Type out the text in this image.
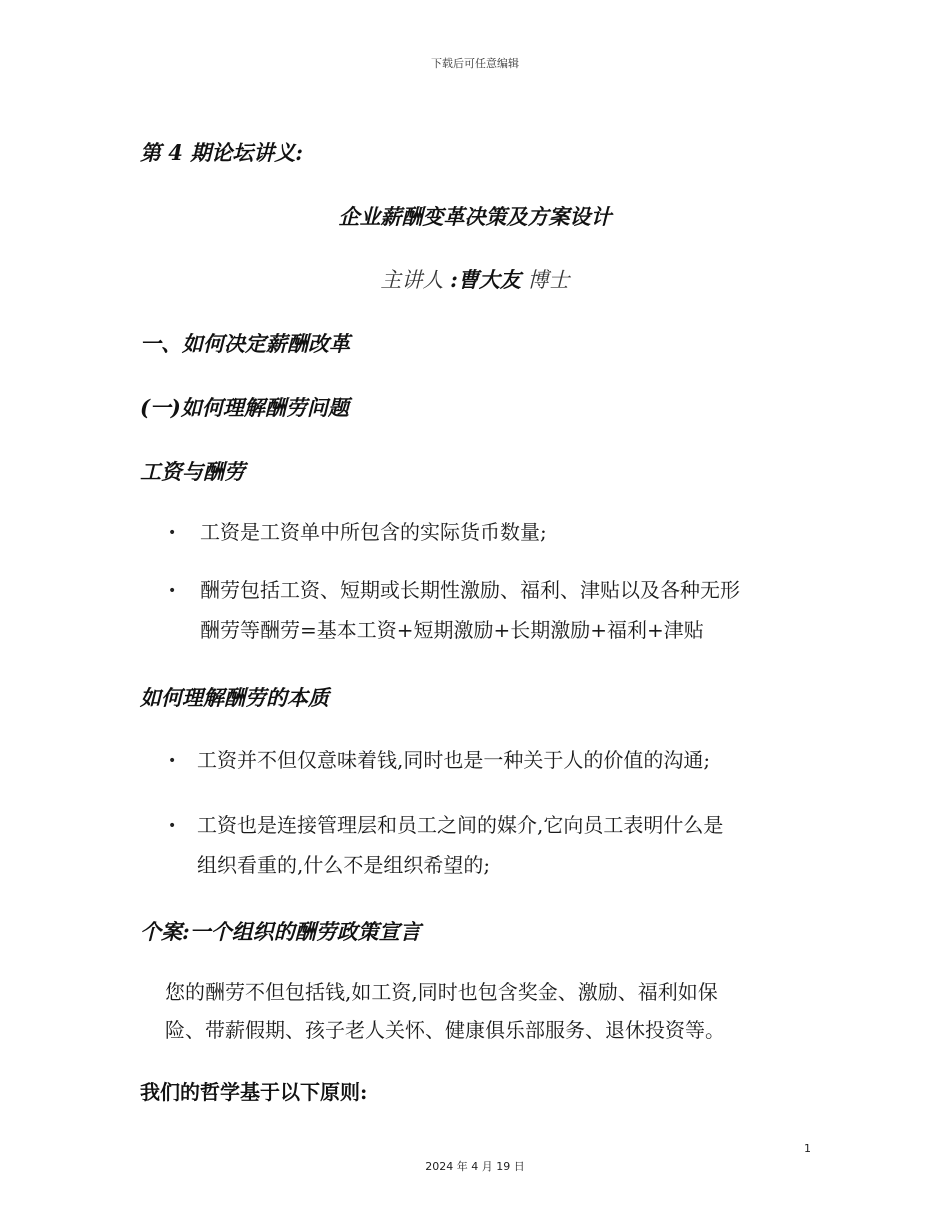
下载后可任意编辑

第 4 期论坛讲义:

企业薪酬变革决策及方案设计

主讲人 :曹大友 博士

一、如何决定薪酬改革

(一)如何理解酬劳问题

工资与酬劳

• 工资是工资单中所包含的实际货币数量;

• 酬劳包括工资、短期或长期性激励、福利、津贴以及各种无形

酬劳等酬劳=基本工资+短期激励+长期激励+福利+津贴

如何理解酬劳的本质

• 工资并不但仅意味着钱,同时也是一种关于人的价值的沟通;

• 工资也是连接管理层和员工之间的媒介,它向员工表明什么是

组织看重的,什么不是组织希望的;

个案:一个组织的酬劳政策宣言

您的酬劳不但包括钱,如工资,同时也包含奖金、激励、福利如保

险、带薪假期、孩子老人关怀、健康俱乐部服务、退休投资等。

我们的哲学基于以下原则:

1
2024 年 4 月 19 日
